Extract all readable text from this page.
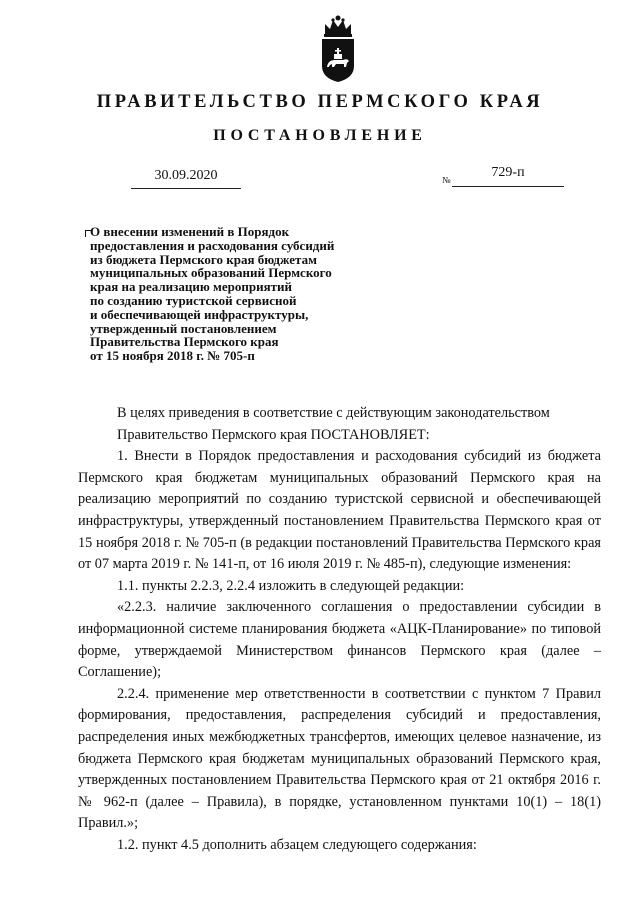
ПРАВИТЕЛЬСТВО ПЕРМСКОГО КРАЯ
ПОСТАНОВЛЕНИЕ
30.09.2020	№	729-п
О внесении изменений в Порядок
предоставления и расходования субсидий
из бюджета Пермского края бюджетам
муниципальных образований Пермского
края на реализацию мероприятий
по созданию туристской сервисной
и обеспечивающей инфраструктуры,
утвержденный постановлением
Правительства Пермского края
от 15 ноября 2018 г. № 705-п

В целях приведения в соответствие с действующим законодательством

Правительство Пермского края ПОСТАНОВЛЯЕТ:

1. Внести в Порядок предоставления и расходования субсидий из бюджета Пермского края бюджетам муниципальных образований Пермского края на реализацию мероприятий по созданию туристской сервисной и обеспечивающей инфраструктуры, утвержденный постановлением Правительства Пермского края от 15 ноября 2018 г. № 705-п (в редакции постановлений Правительства Пермского края от 07 марта 2019 г. № 141-п, от 16 июля 2019 г. № 485-п), следующие изменения:

1.1. пункты 2.2.3, 2.2.4 изложить в следующей редакции:

«2.2.3. наличие заключенного соглашения о предоставлении субсидии в информационной системе планирования бюджета «АЦК-Планирование» по типовой форме, утверждаемой Министерством финансов Пермского края (далее – Соглашение);

2.2.4. применение мер ответственности в соответствии с пунктом 7 Правил формирования, предоставления, распределения субсидий и предоставления, распределения иных межбюджетных трансфертов, имеющих целевое назначение, из бюджета Пермского края бюджетам муниципальных образований Пермского края, утвержденных постановлением Правительства Пермского края от 21 октября 2016 г. № 962-п (далее – Правила), в порядке, установленном пунктами 10(1) – 18(1) Правил.»;

1.2. пункт 4.5 дополнить абзацем следующего содержания:
